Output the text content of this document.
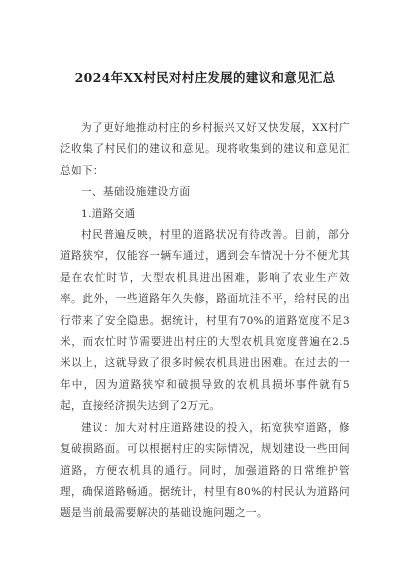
2024年XX村民对村庄发展的建议和意见汇总

为了更好地推动村庄的乡村振兴又好又快发展，XX村广泛收集了村民们的建议和意见。现将收集到的建议和意见汇总如下：

一、基础设施建设方面

1.道路交通

村民普遍反映，村里的道路状况有待改善。目前，部分道路狭窄，仅能容一辆车通过，遇到会车情况十分不便尤其是在农忙时节，大型农机具进出困难，影响了农业生产效率。此外，一些道路年久失修，路面坑洼不平，给村民的出行带来了安全隐患。据统计，村里有70%的道路宽度不足3米，而农忙时节需要进出村庄的大型农机具宽度普遍在2.5米以上，这就导致了很多时候农机具进出困难。在过去的一年中，因为道路狭窄和破损导致的农机具损坏事件就有5起，直接经济损失达到了2万元。

建议：加大对村庄道路建设的投入，拓宽狭窄道路，修复破损路面。可以根据村庄的实际情况，规划建设一些田间道路，方便农机具的通行。同时，加强道路的日常维护管理，确保道路畅通。据统计，村里有80%的村民认为道路问题是当前最需要解决的基础设施问题之一。
